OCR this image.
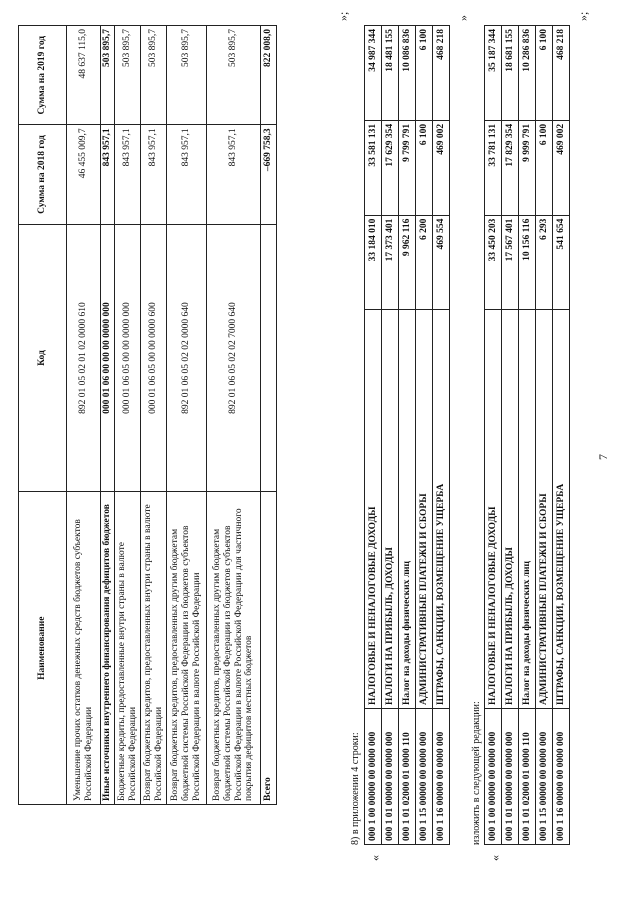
7
Наименование	Код	Сумма на 2018 год	Сумма на 2019 год
Уменьшение прочих остатков денежных средств бюджетов субъектов Российской Федерации	892 01 05 02 01 02 0000 610	46 455 009,7	48 637 115,0
Иные источники внутреннего финансирования дефицитов бюджетов	000 01 06 00 00 00 0000 000	843 957,1	503 895,7
Бюджетные кредиты, предоставленные внутри страны в валюте Российской Федерации	000 01 06 05 00 00 0000 000	843 957,1	503 895,7
Возврат бюджетных кредитов, предоставленных внутри страны в валюте Российской Федерации	000 01 06 05 00 00 0000 600	843 957,1	503 895,7
Возврат бюджетных кредитов, предоставленных другим бюджетам бюджетной системы Российской Федерации из бюджетов субъектов Российской Федерации в валюте Российской Федерации	892 01 06 05 02 02 0000 640	843 957,1	503 895,7
Возврат бюджетных кредитов, предоставленных другим бюджетам бюджетной системы Российской Федерации из бюджетов субъектов Российской Федерации в валюте Российской Федерации для частичного покрытия дефицитов местных бюджетов	892 01 06 05 02 02 7000 640	843 957,1	503 895,7
Всего		–669 758,3	822 008,0
»;
8) в приложении 4 строки:
«
000 1 00 00000 00 0000 000	НАЛОГОВЫЕ И НЕНАЛОГОВЫЕ ДОХОДЫ	33 184 010	33 581 131	34 987 344
000 1 01 00000 00 0000 000	НАЛОГИ НА ПРИБЫЛЬ, ДОХОДЫ	17 373 401	17 629 354	18 481 155
000 1 01 02000 01 0000 110	Налог на доходы физических лиц	9 962 116	9 799 791	10 086 836
000 1 15 00000 00 0000 000	АДМИНИСТРАТИВНЫЕ ПЛАТЕЖИ И СБОРЫ	6 200	6 100	6 100
000 1 16 00000 00 0000 000	ШТРАФЫ, САНКЦИИ, ВОЗМЕЩЕНИЕ УЩЕРБА	469 554	469 002	468 218
»
изложить в следующей редакции:
«
000 1 00 00000 00 0000 000	НАЛОГОВЫЕ И НЕНАЛОГОВЫЕ ДОХОДЫ	33 450 203	33 781 131	35 187 344
000 1 01 00000 00 0000 000	НАЛОГИ НА ПРИБЫЛЬ, ДОХОДЫ	17 567 401	17 829 354	18 681 155
000 1 01 02000 01 0000 110	Налог на доходы физических лиц	10 156 116	9 999 791	10 286 836
000 1 15 00000 00 0000 000	АДМИНИСТРАТИВНЫЕ ПЛАТЕЖИ И СБОРЫ	6 293	6 100	6 100
000 1 16 00000 00 0000 000	ШТРАФЫ, САНКЦИИ, ВОЗМЕЩЕНИЕ УЩЕРБА	541 654	469 002	468 218
»;
